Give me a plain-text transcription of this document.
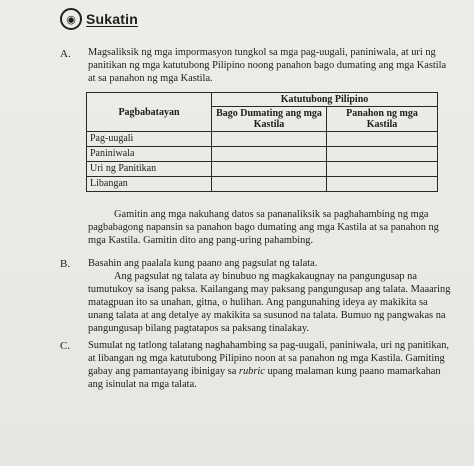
◉ Sukatin
A. Magsaliksik ng mga impormasyon tungkol sa mga pag-uugali, paniniwala, at uri ng panitikan ng mga katutubong Pilipino noong panahon bago dumating ang mga Kastila at sa panahon ng mga Kastila.

Pagbabatayan	Katutubong Pilipino	
	Bago Dumating ang mga Kastila	Panahon ng mga Kastila
Pag-uugali		
Paniniwala		
Uri ng Panitikan		
Libangan		

Gamitin ang mga nakuhang datos sa pananaliksik sa paghahambing ng mga pagbabagong napansin sa panahon bago dumating ang mga Kastila at sa panahon ng mga Kastila. Gamitin dito ang pang-uring pahambing.

B. Basahin ang paalala kung paano ang pagsulat ng talata.

Ang pagsulat ng talata ay binubuo ng magkakaugnay na pangungusap na tumutukoy sa isang paksa. Kailangang may paksang pangungusap ang talata. Maaaring matagpuan ito sa unahan, gitna, o hulihan. Ang pangunahing ideya ay makikita sa unang talata at ang detalye ay makikita sa susunod na talata. Bumuo ng pangwakas na pangungusap bilang pagtatapos sa paksang tinalakay.

C. Sumulat ng tatlong talatang naghahambing sa pag-uugali, paniniwala, uri ng panitikan, at libangan ng mga katutubong Pilipino noon at sa panahon ng mga Kastila. Gamiting gabay ang pamantayang ibinigay sa rubric upang malaman kung paano mamarkahan ang isinulat na mga talata.
